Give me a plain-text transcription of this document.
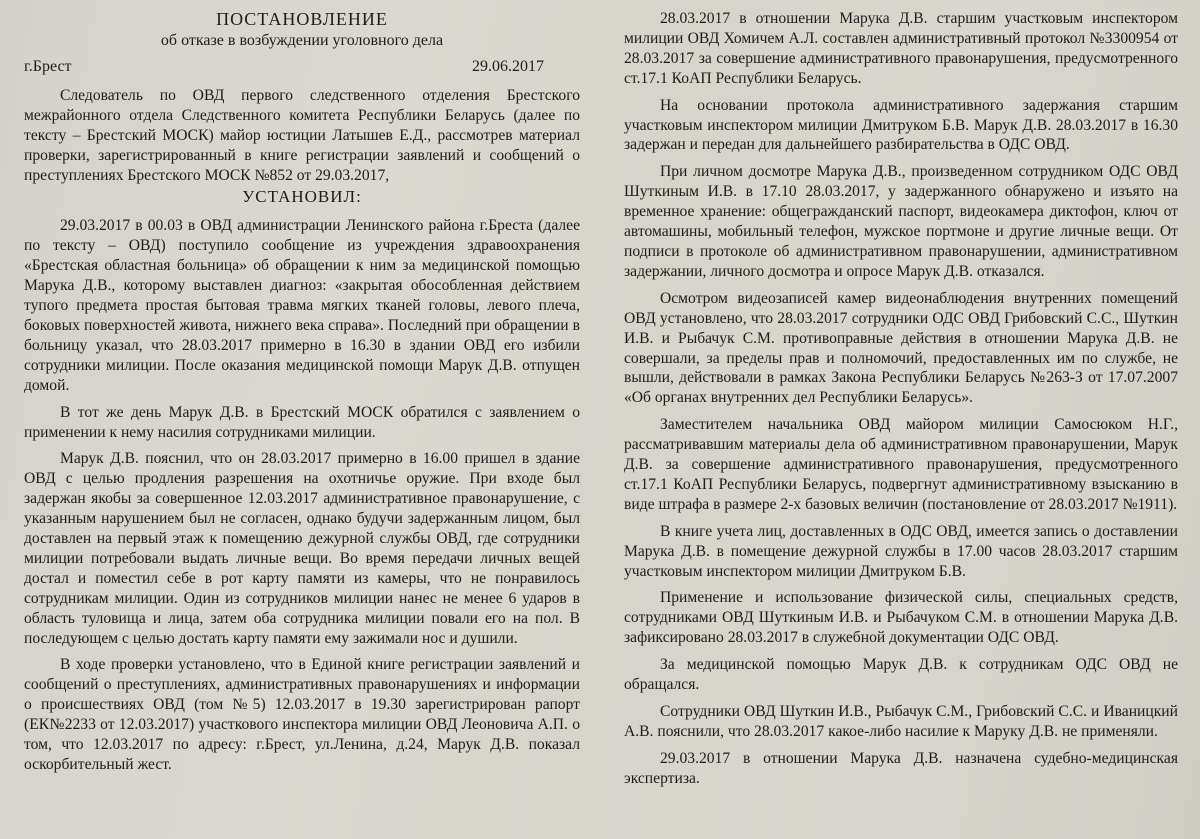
ПОСТАНОВЛЕНИЕ
об отказе в возбуждении уголовного дела
г.Брест	29.06.2017

Следователь по ОВД первого следственного отделения Брестского межрайонного отдела Следственного комитета Республики Беларусь (далее по тексту – Брестский МОСК) майор юстиции Латышев Е.Д., рассмотрев материал проверки, зарегистрированный в книге регистрации заявлений и сообщений о преступлениях Брестского МОСК №852 от 29.03.2017,

УСТАНОВИЛ:

29.03.2017 в 00.03 в ОВД администрации Ленинского района г.Бреста (далее по тексту – ОВД) поступило сообщение из учреждения здравоохранения «Брестская областная больница» об обращении к ним за медицинской помощью Марука Д.В., которому выставлен диагноз: «закрытая обособленная действием тупого предмета простая бытовая травма мягких тканей головы, левого плеча, боковых поверхностей живота, нижнего века справа». Последний при обращении в больницу указал, что 28.03.2017 примерно в 16.30 в здании ОВД его избили сотрудники милиции. После оказания медицинской помощи Марук Д.В. отпущен домой.

В тот же день Марук Д.В. в Брестский МОСК обратился с заявлением о применении к нему насилия сотрудниками милиции.

Марук Д.В. пояснил, что он 28.03.2017 примерно в 16.00 пришел в здание ОВД с целью продления разрешения на охотничье оружие. При входе был задержан якобы за совершенное 12.03.2017 административное правонарушение, с указанным нарушением был не согласен, однако будучи задержанным лицом, был доставлен на первый этаж к помещению дежурной службы ОВД, где сотрудники милиции потребовали выдать личные вещи. Во время передачи личных вещей достал и поместил себе в рот карту памяти из камеры, что не понравилось сотрудникам милиции. Один из сотрудников милиции нанес не менее 6 ударов в область туловища и лица, затем оба сотрудника милиции повали его на пол. В последующем с целью достать карту памяти ему зажимали нос и душили.

В ходе проверки установлено, что в Единой книге регистрации заявлений и сообщений о преступлениях, административных правонарушениях и информации о происшествиях ОВД (том №5) 12.03.2017 в 19.30 зарегистрирован рапорт (ЕК№2233 от 12.03.2017) участкового инспектора милиции ОВД Леоновича А.П. о том, что 12.03.2017 по адресу: г.Брест, ул.Ленина, д.24, Марук Д.В. показал оскорбительный жест.

28.03.2017 в отношении Марука Д.В. старшим участковым инспектором милиции ОВД Хомичем А.Л. составлен административный протокол №3300954 от 28.03.2017 за совершение административного правонарушения, предусмотренного ст.17.1 КоАП Республики Беларусь.

На основании протокола административного задержания старшим участковым инспектором милиции Дмитруком Б.В. Марук Д.В. 28.03.2017 в 16.30 задержан и передан для дальнейшего разбирательства в ОДС ОВД.

При личном досмотре Марука Д.В., произведенном сотрудником ОДС ОВД Шуткиным И.В. в 17.10 28.03.2017, у задержанного обнаружено и изъято на временное хранение: общегражданский паспорт, видеокамера диктофон, ключ от автомашины, мобильный телефон, мужское портмоне и другие личные вещи. От подписи в протоколе об административном правонарушении, административном задержании, личного досмотра и опросе Марук Д.В. отказался.

Осмотром видеозаписей камер видеонаблюдения внутренних помещений ОВД установлено, что 28.03.2017 сотрудники ОДС ОВД Грибовский С.С., Шуткин И.В. и Рыбачук С.М. противоправные действия в отношении Марука Д.В. не совершали, за пределы прав и полномочий, предоставленных им по службе, не вышли, действовали в рамках Закона Республики Беларусь №263-З от 17.07.2007 «Об органах внутренних дел Республики Беларусь».

Заместителем начальника ОВД майором милиции Самосюком Н.Г., рассматривавшим материалы дела об административном правонарушении, Марук Д.В. за совершение административного правонарушения, предусмотренного ст.17.1 КоАП Республики Беларусь, подвергнут административному взысканию в виде штрафа в размере 2-х базовых величин (постановление от 28.03.2017 №1911).

В книге учета лиц, доставленных в ОДС ОВД, имеется запись о доставлении Марука Д.В. в помещение дежурной службы в 17.00 часов 28.03.2017 старшим участковым инспектором милиции Дмитруком Б.В.

Применение и использование физической силы, специальных средств, сотрудниками ОВД Шуткиным И.В. и Рыбачуком С.М. в отношении Марука Д.В. зафиксировано 28.03.2017 в служебной документации ОДС ОВД.

За медицинской помощью Марук Д.В. к сотрудникам ОДС ОВД не обращался.

Сотрудники ОВД Шуткин И.В., Рыбачук С.М., Грибовский С.С. и Иваницкий А.В. пояснили, что 28.03.2017 какое-либо насилие к Маруку Д.В. не применяли.

29.03.2017 в отношении Марука Д.В. назначена судебно-медицинская экспертиза.
